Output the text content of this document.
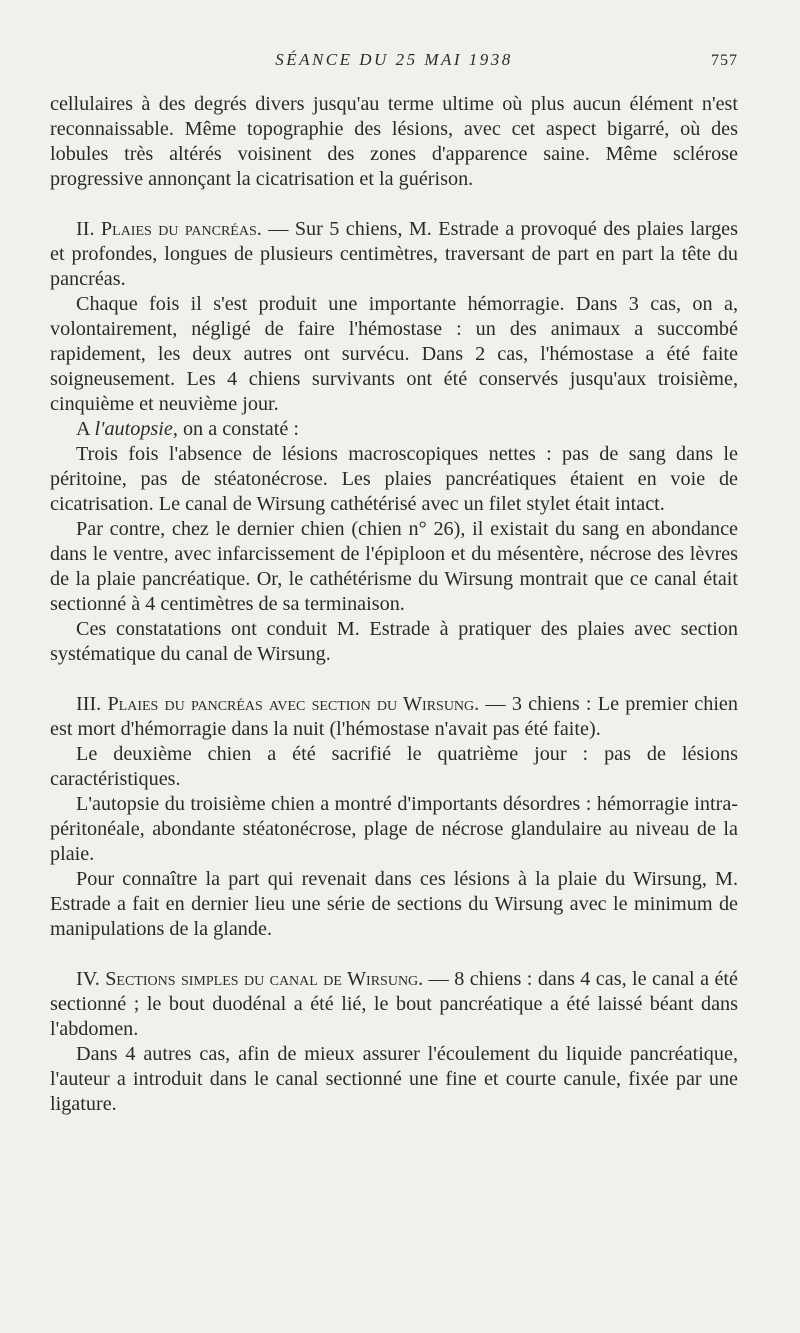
SÉANCE DU 25 MAI 1938	757

cellulaires à des degrés divers jusqu'au terme ultime où plus aucun élément n'est reconnaissable. Même topographie des lésions, avec cet aspect bigarré, où des lobules très altérés voisinent des zones d'apparence saine. Même sclérose progressive annonçant la cicatrisation et la guérison.

II. Plaies du pancréas. — Sur 5 chiens, M. Estrade a provoqué des plaies larges et profondes, longues de plusieurs centimètres, traversant de part en part la tête du pancréas.

Chaque fois il s'est produit une importante hémorragie. Dans 3 cas, on a, volontairement, négligé de faire l'hémostase : un des animaux a succombé rapidement, les deux autres ont survécu. Dans 2 cas, l'hémostase a été faite soigneusement. Les 4 chiens survivants ont été conservés jusqu'aux troisième, cinquième et neuvième jour.

A l'autopsie, on a constaté :

Trois fois l'absence de lésions macroscopiques nettes : pas de sang dans le péritoine, pas de stéatonécrose. Les plaies pancréatiques étaient en voie de cicatrisation. Le canal de Wirsung cathétérisé avec un filet stylet était intact.

Par contre, chez le dernier chien (chien n° 26), il existait du sang en abondance dans le ventre, avec infarcissement de l'épiploon et du mésentère, nécrose des lèvres de la plaie pancréatique. Or, le cathétérisme du Wirsung montrait que ce canal était sectionné à 4 centimètres de sa terminaison.

Ces constatations ont conduit M. Estrade à pratiquer des plaies avec section systématique du canal de Wirsung.

III. Plaies du pancréas avec section du Wirsung. — 3 chiens : Le premier chien est mort d'hémorragie dans la nuit (l'hémostase n'avait pas été faite).

Le deuxième chien a été sacrifié le quatrième jour : pas de lésions caractéristiques.

L'autopsie du troisième chien a montré d'importants désordres : hémorragie intra-péritonéale, abondante stéatonécrose, plage de nécrose glandulaire au niveau de la plaie.

Pour connaître la part qui revenait dans ces lésions à la plaie du Wirsung, M. Estrade a fait en dernier lieu une série de sections du Wirsung avec le minimum de manipulations de la glande.

IV. Sections simples du canal de Wirsung. — 8 chiens : dans 4 cas, le canal a été sectionné ; le bout duodénal a été lié, le bout pancréatique a été laissé béant dans l'abdomen.

Dans 4 autres cas, afin de mieux assurer l'écoulement du liquide pancréatique, l'auteur a introduit dans le canal sectionné une fine et courte canule, fixée par une ligature.
